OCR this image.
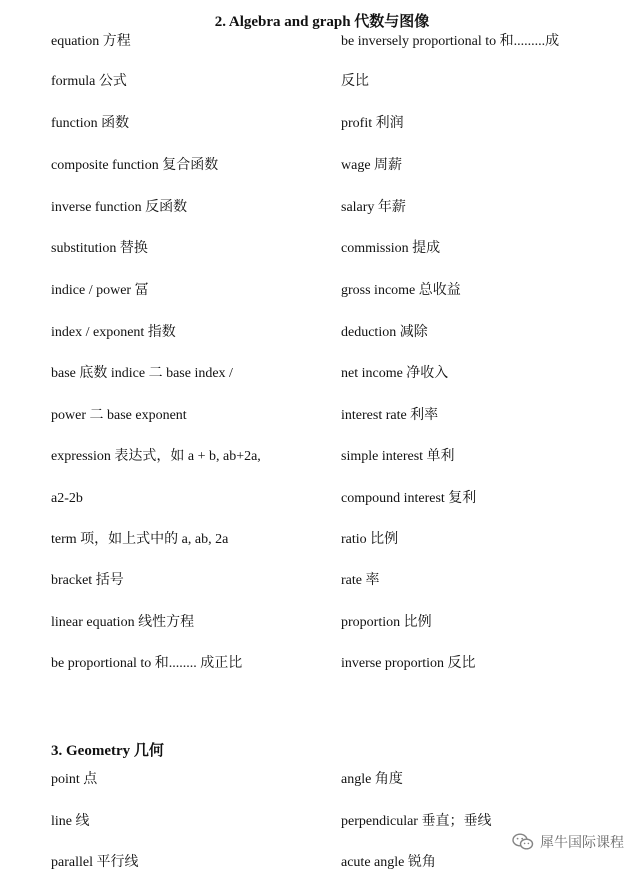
2. Algebra and graph 代数与图像
equation 方程
formula 公式
function 函数
composite function 复合函数
inverse function 反函数
substitution 替换
indice / power 冨
index / exponent 指数
base 底数 indice 二 base index /
power 二 base exponent
expression 表达式，如 a + b, ab+2a,
a2-2b
term 项，如上式中的 a, ab, 2a
bracket 括号
linear equation 线性方程
be proportional to 和........ 成正比
be inversely proportional to 和.........成
反比
profit 利润
wage 周薪
salary 年薪
commission 提成
gross income 总收益
deduction 减除
net income 净收入
interest rate 利率
simple interest 单利
compound interest 复利
ratio 比例
rate 率
proportion 比例
inverse proportion 反比
3. Geometry 几何
point 点
line 线
parallel 平行线
angle 角度
perpendicular 垂直；垂线
acute angle 锐角
犀牛国际课程
